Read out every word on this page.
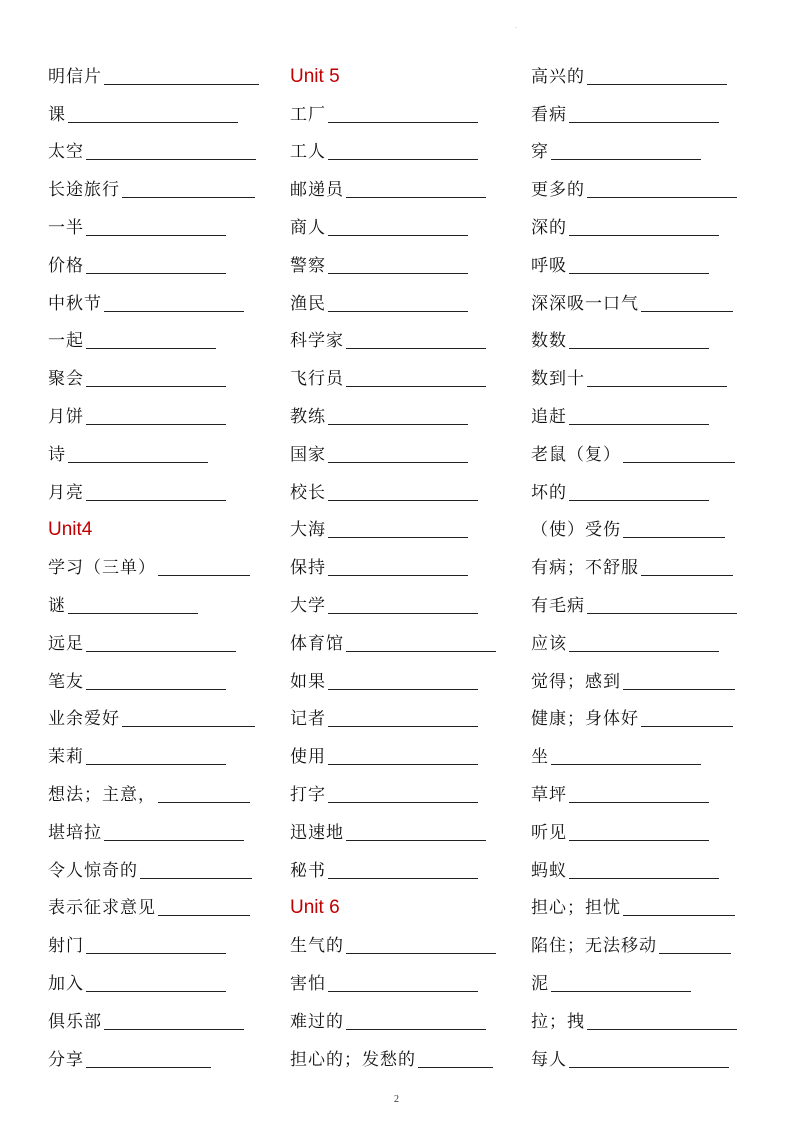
·
明信片
课
太空
长途旅行
一半
价格
中秋节
一起
聚会
月饼
诗
月亮
Unit4
学习（三单）
谜
远足
笔友
业余爱好
茉莉
想法；主意，
堪培拉
令人惊奇的
表示征求意见
射门
加入
俱乐部
分享
Unit 5
工厂
工人
邮递员
商人
警察
渔民
科学家
飞行员
教练
国家
校长
大海
保持
大学
体育馆
如果
记者
使用
打字
迅速地
秘书
Unit 6
生气的
害怕
难过的
担心的；发愁的
高兴的
看病
穿
更多的
深的
呼吸
深深吸一口气
数数
数到十
追赶
老鼠（复）
坏的
（使）受伤
有病；不舒服
有毛病
应该
觉得；感到
健康；身体好
坐
草坪
听见
蚂蚁
担心；担忧
陷住；无法移动
泥
拉；拽
每人
2
